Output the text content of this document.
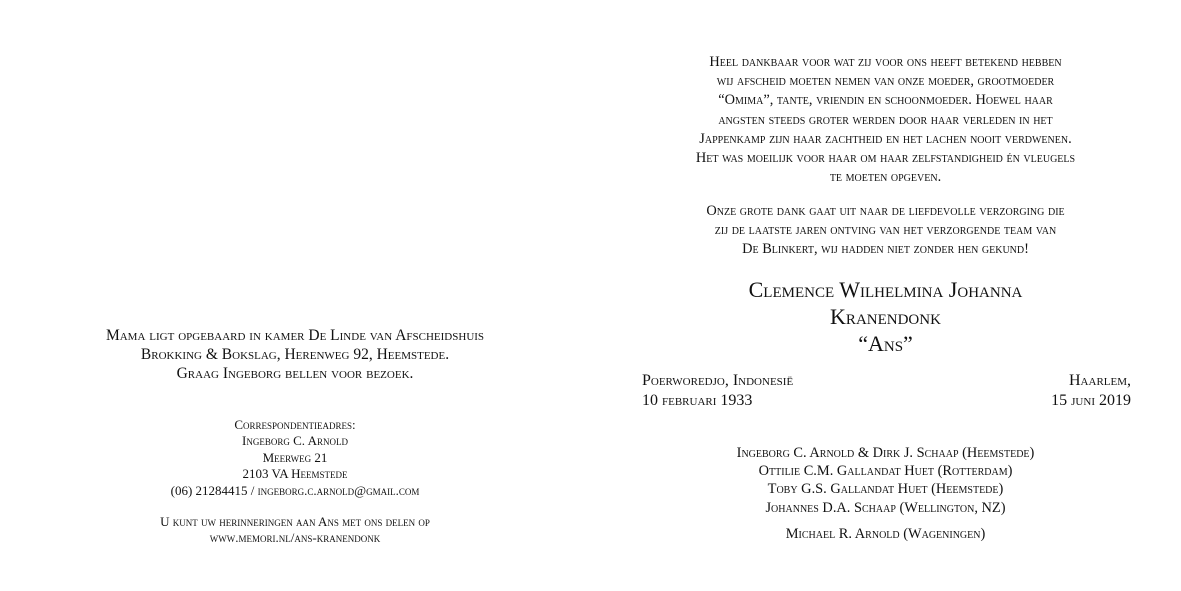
Mama ligt opgebaard in kamer De Linde van Afscheidshuis
Brokking & Bokslag, Herenweg 92, Heemstede.
Graag Ingeborg bellen voor bezoek.
Correspondentieadres:
Ingeborg C. Arnold
Meerweg 21
2103 VA Heemstede
(06) 21284415 / ingeborg.c.arnold@gmail.com
U kunt uw herinneringen aan Ans met ons delen op
www.memori.nl/ans-kranendonk
Heel dankbaar voor wat zij voor ons heeft betekend hebben
wij afscheid moeten nemen van onze moeder, grootmoeder
“Omima”, tante, vriendin en schoonmoeder. Hoewel haar
angsten steeds groter werden door haar verleden in het
Jappenkamp zijn haar zachtheid en het lachen nooit verdwenen.
Het was moeilijk voor haar om haar zelfstandigheid én vleugels
te moeten opgeven.
Onze grote dank gaat uit naar de liefdevolle verzorging die
zij de laatste jaren ontving van het verzorgende team van
De Blinkert, wij hadden niet zonder hen gekund!
Clemence Wilhelmina Johanna
Kranendonk
“Ans”
Poerworedjo, Indonesië
10 februari 1933
Haarlem,
15 juni 2019
Ingeborg C. Arnold & Dirk J. Schaap (Heemstede)
Ottilie C.M. Gallandat Huet (Rotterdam)
Toby G.S. Gallandat Huet (Heemstede)
Johannes D.A. Schaap (Wellington, NZ)
Michael R. Arnold (Wageningen)
